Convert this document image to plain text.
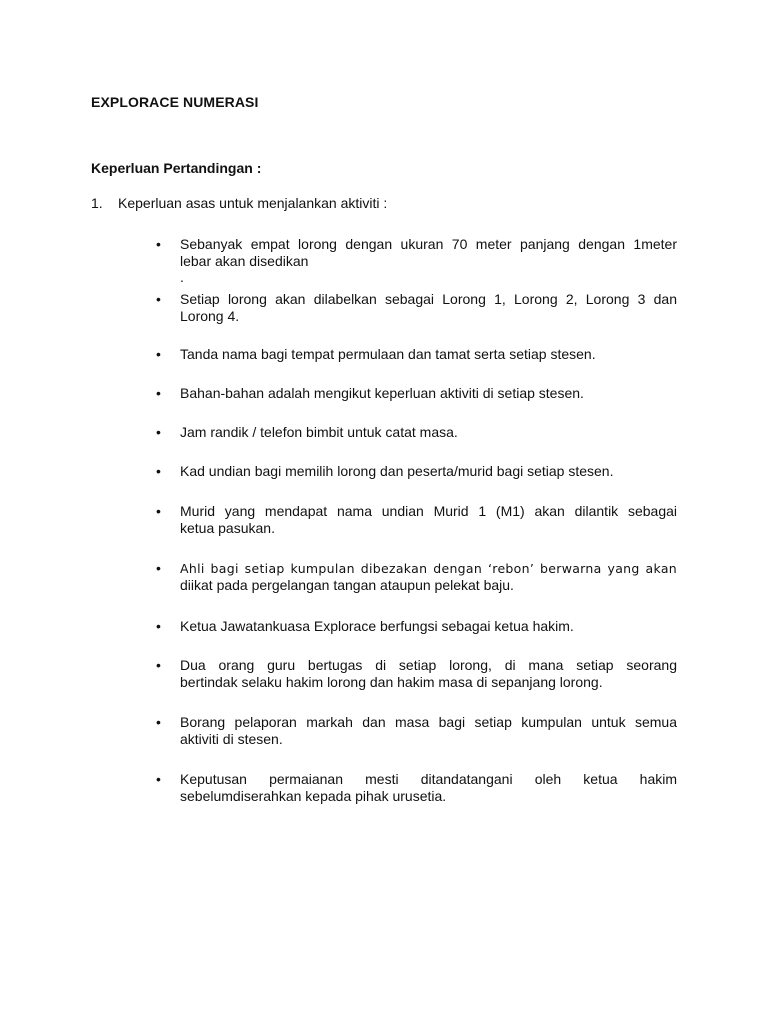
EXPLORACE NUMERASI
Keperluan Pertandingan :
1.	Keperluan asas untuk menjalankan aktiviti :
•	Sebanyak empat lorong dengan ukuran 70 meter panjang dengan 1meter
lebar akan disedikan
.
•	Setiap lorong akan dilabelkan sebagai Lorong 1, Lorong 2, Lorong 3 dan
Lorong 4.
•	Tanda nama bagi tempat permulaan dan tamat serta setiap stesen.
•	Bahan-bahan adalah mengikut keperluan aktiviti di setiap stesen.
•	Jam randik / telefon bimbit untuk catat masa.
•	Kad undian bagi memilih lorong dan peserta/murid bagi setiap stesen.
•	Murid yang mendapat nama undian Murid 1 (M1) akan dilantik sebagai
ketua pasukan.
•	Ahli bagi setiap kumpulan dibezakan dengan ‘rebon’ berwarna yang akan
diikat pada pergelangan tangan ataupun pelekat baju.
•	Ketua Jawatankuasa Explorace berfungsi sebagai ketua hakim.
•	Dua orang guru bertugas di setiap lorong, di mana setiap seorang
bertindak selaku hakim lorong dan hakim masa di sepanjang lorong.
•	Borang pelaporan markah dan masa bagi setiap kumpulan untuk semua
aktiviti di stesen.
•	Keputusan permaianan mesti ditandatangani oleh ketua hakim
sebelumdiserahkan kepada pihak urusetia.
